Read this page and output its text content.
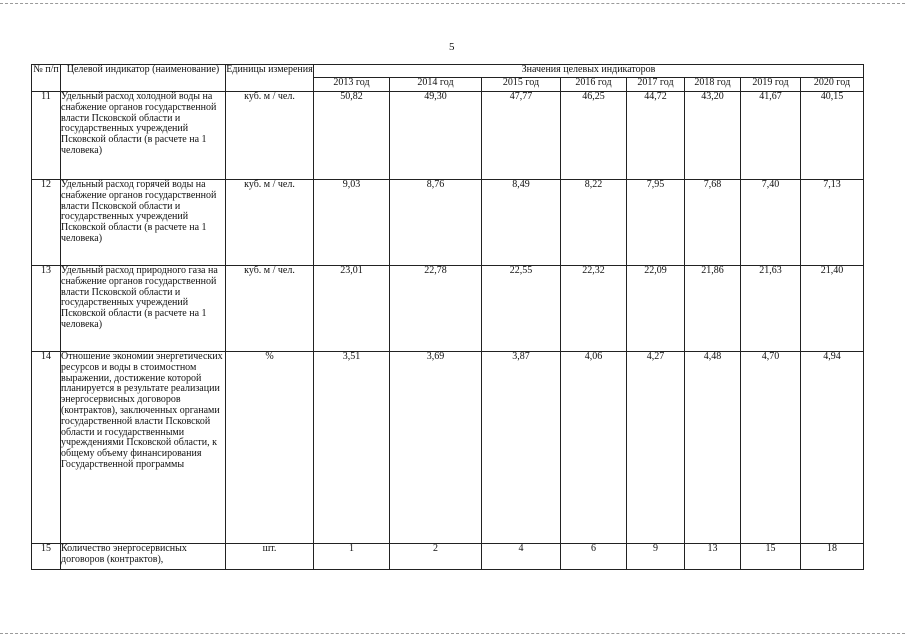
5
№ п/п	Целевой индикатор (наименование)	Единицы измерения	Значения целевых индикаторов							
			2013 год	2014 год	2015 год	2016 год	2017 год	2018 год	2019 год	2020 год
11	Удельный расход холодной воды на снабжение органов государственной власти Псковской области и государственных учреждений Псковской области (в расчете на 1 человека)	куб. м / чел.	50,82	49,30	47,77	46,25	44,72	43,20	41,67	40,15
12	Удельный расход горячей воды на снабжение органов государственной власти Псковской области и государственных учреждений Псковской области (в расчете на 1 человека)	куб. м / чел.	9,03	8,76	8,49	8,22	7,95	7,68	7,40	7,13
13	Удельный расход природного газа на снабжение органов государственной власти Псковской области и государственных учреждений Псковской области (в расчете на 1 человека)	куб. м / чел.	23,01	22,78	22,55	22,32	22,09	21,86	21,63	21,40
14	Отношение экономии энергетических ресурсов и воды в стоимостном выражении, достижение которой планируется в результате реализации энергосервисных договоров (контрактов), заключенных органами государственной власти Псковской области и государственными учреждениями Псковской области, к общему объему финансирования Государственной программы	%	3,51	3,69	3,87	4,06	4,27	4,48	4,70	4,94
15	Количество энергосервисных договоров (контрактов),	шт.	1	2	4	6	9	13	15	18
